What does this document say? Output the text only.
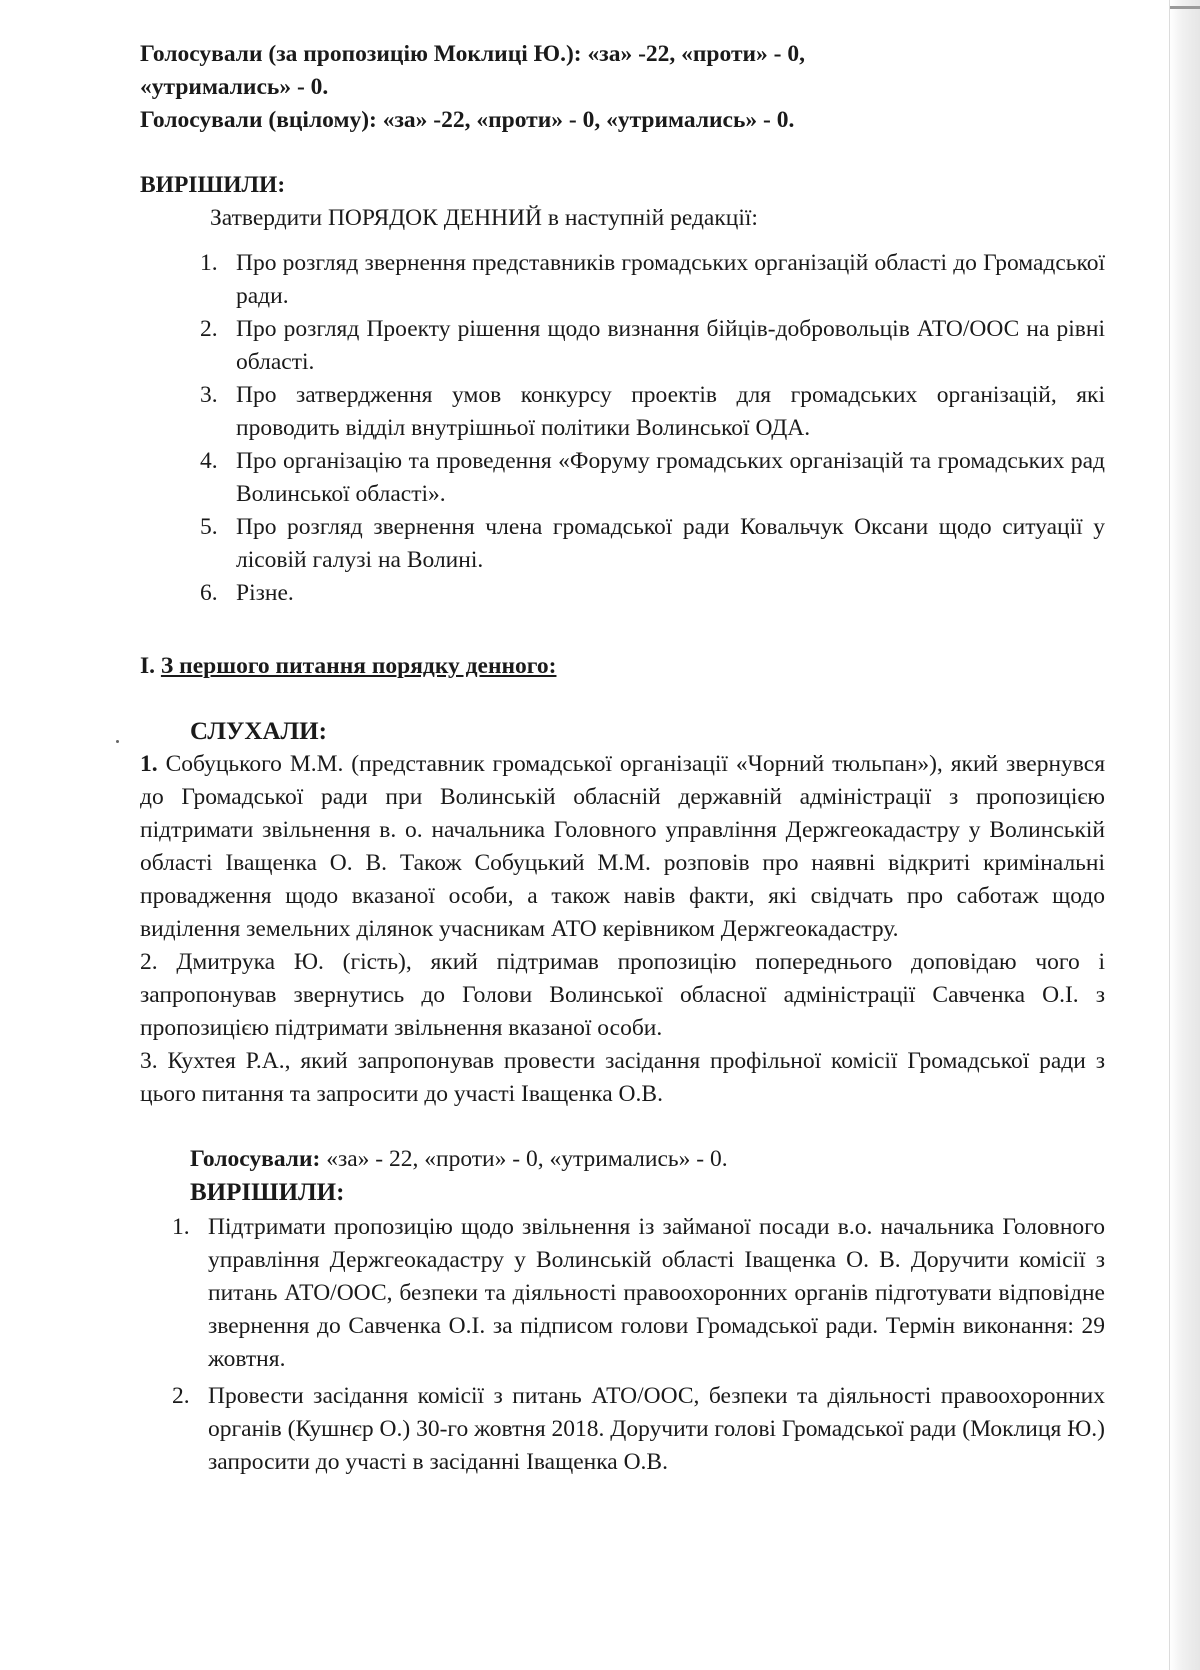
Голосували (за пропозицію Моклиці Ю.): «за» -22, «проти» - 0,
«утримались» - 0.

Голосували (вцілому): «за» -22, «проти» - 0, «утримались» - 0.

ВИРІШИЛИ:

Затвердити ПОРЯДОК ДЕННИЙ в наступній редакції:

1. Про розгляд звернення представників громадських організацій області до Громадської ради.
2. Про розгляд Проекту рішення щодо визнання бійців-добровольців АТО/ООС на рівні області.
3. Про затвердження умов конкурсу проектів для громадських організацій, які проводить відділ внутрішньої політики Волинської ОДА.
4. Про організацію та проведення «Форуму громадських організацій та громадських рад Волинської області».
5. Про розгляд звернення члена громадської ради Ковальчук Оксани щодо ситуації у лісовій галузі на Волині.
6. Різне.

I. З першого питання порядку денного:

СЛУХАЛИ:

1. Собуцького М.М. (представник громадської організації «Чорний тюльпан»), який звернувся до Громадської ради при Волинській обласній державній адміністрації з пропозицією підтримати звільнення в. о. начальника Головного управління Держгеокадастру у Волинській області Іващенка О. В. Також Собуцький М.М. розповів про наявні відкриті кримінальні провадження щодо вказаної особи, а також навів факти, які свідчать про саботаж щодо виділення земельних ділянок учасникам АТО керівником Держгеокадастру.

2. Дмитрука Ю. (гість), який підтримав пропозицію попереднього доповідаю чого і запропонував звернутись до Голови Волинської обласної адміністрації Савченка О.І. з пропозицією підтримати звільнення вказаної особи.

3. Кухтея Р.А., який запропонував провести засідання профільної комісії Громадської ради з цього питання та запросити до участі Іващенка О.В.

Голосували: «за» - 22, «проти» - 0, «утримались» - 0.

ВИРІШИЛИ:

1. Підтримати пропозицію щодо звільнення із займаної посади в.о. начальника Головного управління Держгеокадастру у Волинській області Іващенка О. В. Доручити комісії з питань АТО/ООС, безпеки та діяльності правоохоронних органів підготувати відповідне звернення до Савченка О.І. за підписом голови Громадської ради. Термін виконання: 29 жовтня.
2. Провести засідання комісії з питань АТО/ООС, безпеки та діяльності правоохоронних органів (Кушнєр О.) 30-го жовтня 2018. Доручити голові Громадської ради (Моклиця Ю.) запросити до участі в засіданні Іващенка О.В.
